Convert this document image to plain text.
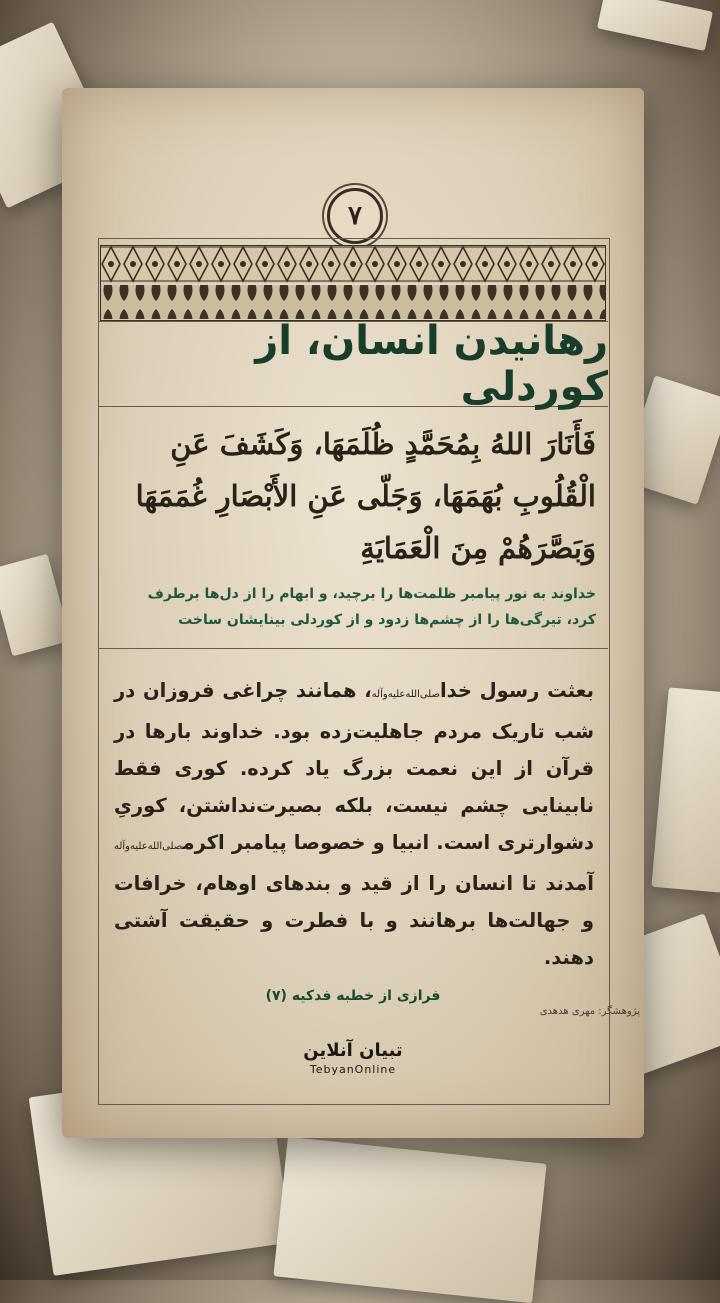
۷
رهانیدن انسان، از کوردلی
فَأَنَارَ اللهُ بِمُحَمَّدٍ ظُلَمَهَا، وَكَشَفَ عَنِ
الْقُلُوبِ بُهَمَهَا، وَجَلّى عَنِ الأَبْصَارِ غُمَمَهَا
وَبَصَّرَهُمْ مِنَ الْعَمَايَةِ
خداوند به نور پیامبر ظلمت‌ها را برچید، و ابهام را از دل‌ها برطرف
کرد، تیرگی‌ها را از چشم‌ها زدود و از کوردلی بینایشان ساخت
بعثت رسول خداصلی‌الله‌علیه‌وآله، همانند چراغی فروزان در شب تاریک مردم جاهلیت‌زده بود. خداوند بارها در قرآن از این نعمت بزرگ یاد کرده. کوری فقط نابینایی چشم نیست، بلکه بصیرت‌نداشتن، کوریِ دشوارتری است. انبیا و خصوصا پیامبر اکرمصلی‌الله‌علیه‌وآله آمدند تا انسان را از قید و بندهای اوهام، خرافات و جهالت‌ها برهانند و با فطرت و حقیقت آشتی دهند.
فرازی از خطبه فدکیه (۷)
پژوهشگر: مهری هدهدی
تبیان آنلاین
TebyanOnline
